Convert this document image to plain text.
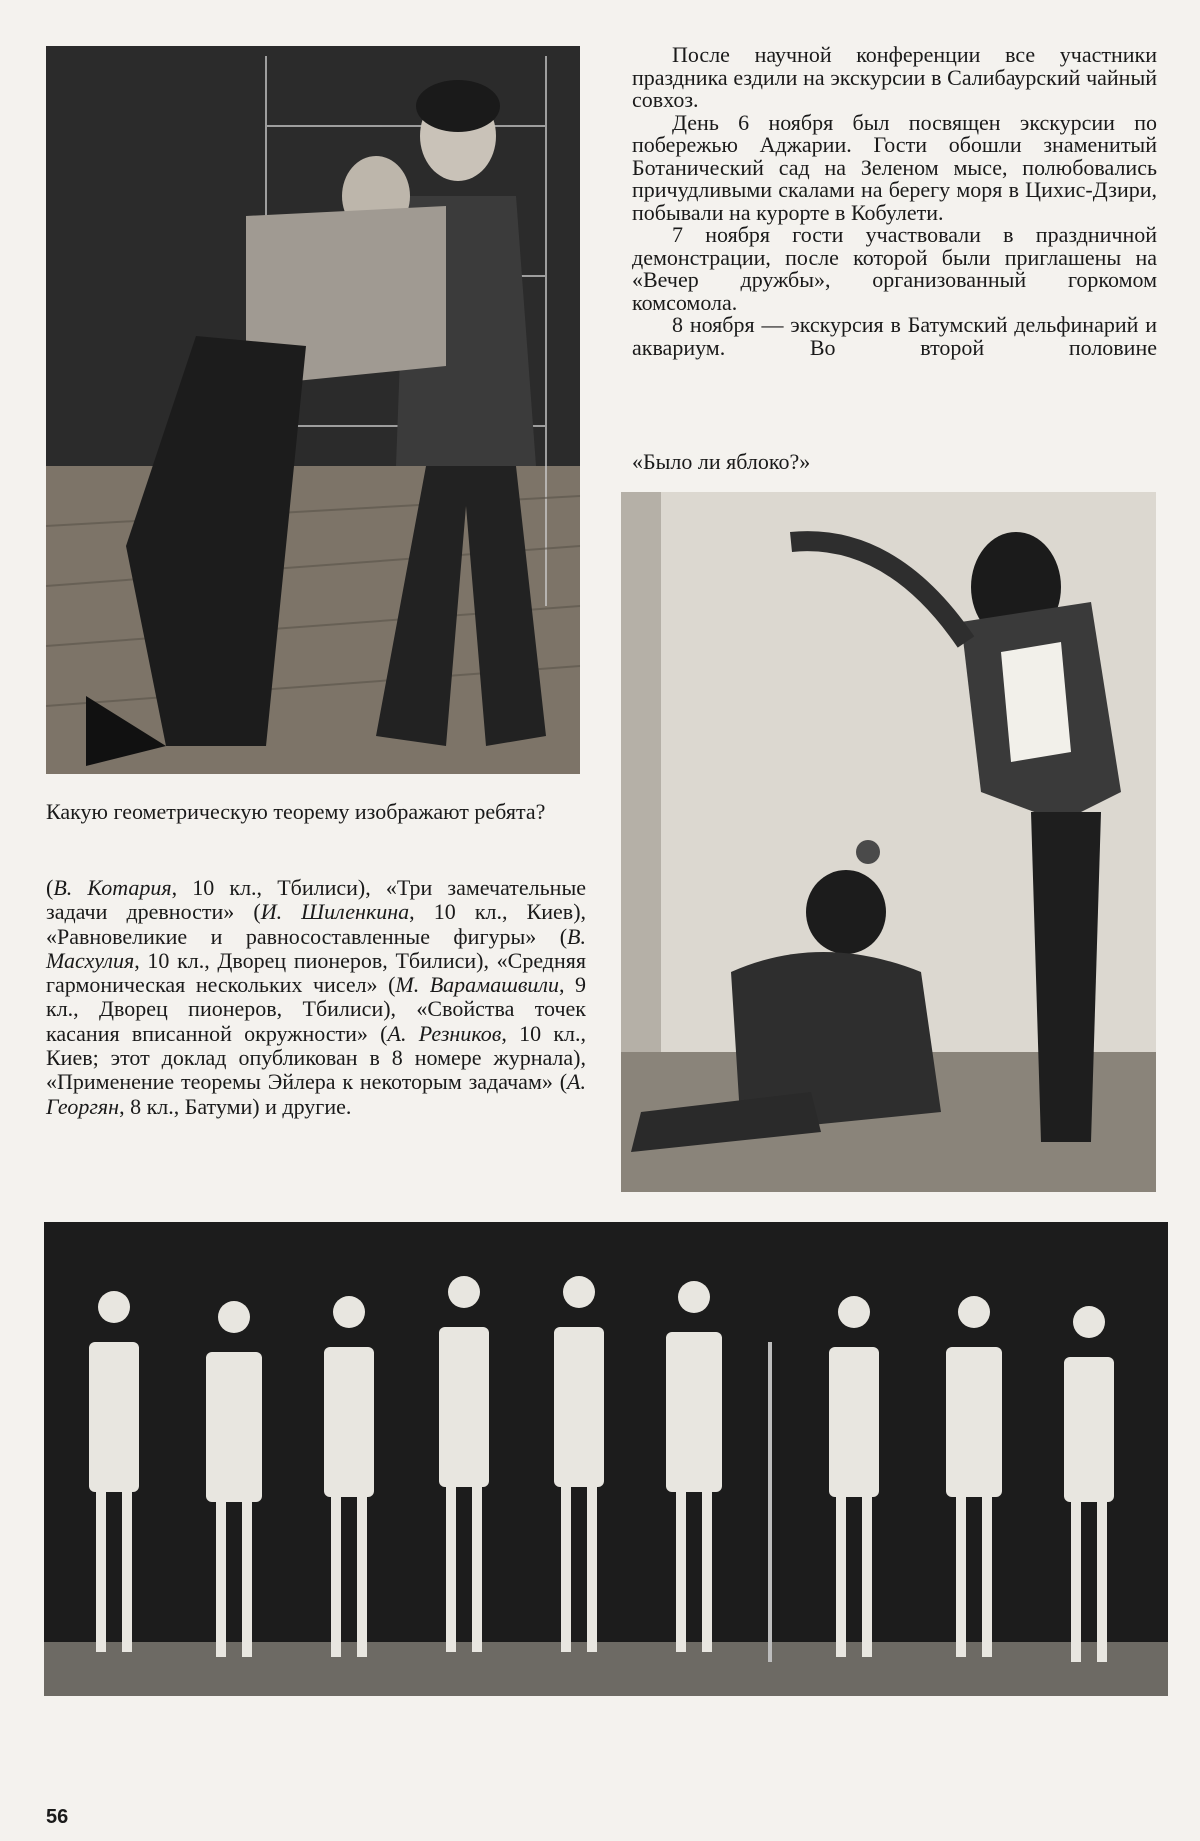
После научной конференции все участники праздника ездили на экскурсии в Салибаурский чайный совхоз.

День 6 ноября был посвящен экскурсии по побережью Аджарии. Гости обошли знаменитый Ботанический сад на Зеленом мысе, полюбовались причудливыми скалами на берегу моря в Цихис-Дзири, побывали на курорте в Кобулети.

7 ноября гости участвовали в праздничной демонстрации, после которой были приглашены на «Вечер дружбы», организованный горкомом комсомола.

8 ноября — экскурсия в Батумский дельфинарий и аквариум. Во второй половине

«Было ли яблоко?»
Какую геометрическую теорему изображают ребята?

(В. Котария, 10 кл., Тбилиси), «Три замечательные задачи древности» (И. Шиленкина, 10 кл., Киев), «Равновеликие и равносоставленные фигуры» (В. Масхулия, 10 кл., Дворец пионеров, Тбилиси), «Средняя гармоническая нескольких чисел» (М. Варамашвили, 9 кл., Дворец пионеров, Тбилиси), «Свойства точек касания вписанной окружности» (А. Резников, 10 кл., Киев; этот доклад опубликован в 8 номере журнала), «Применение теоремы Эйлера к некоторым задачам» (А. Георгян, 8 кл., Батуми) и другие.

56
